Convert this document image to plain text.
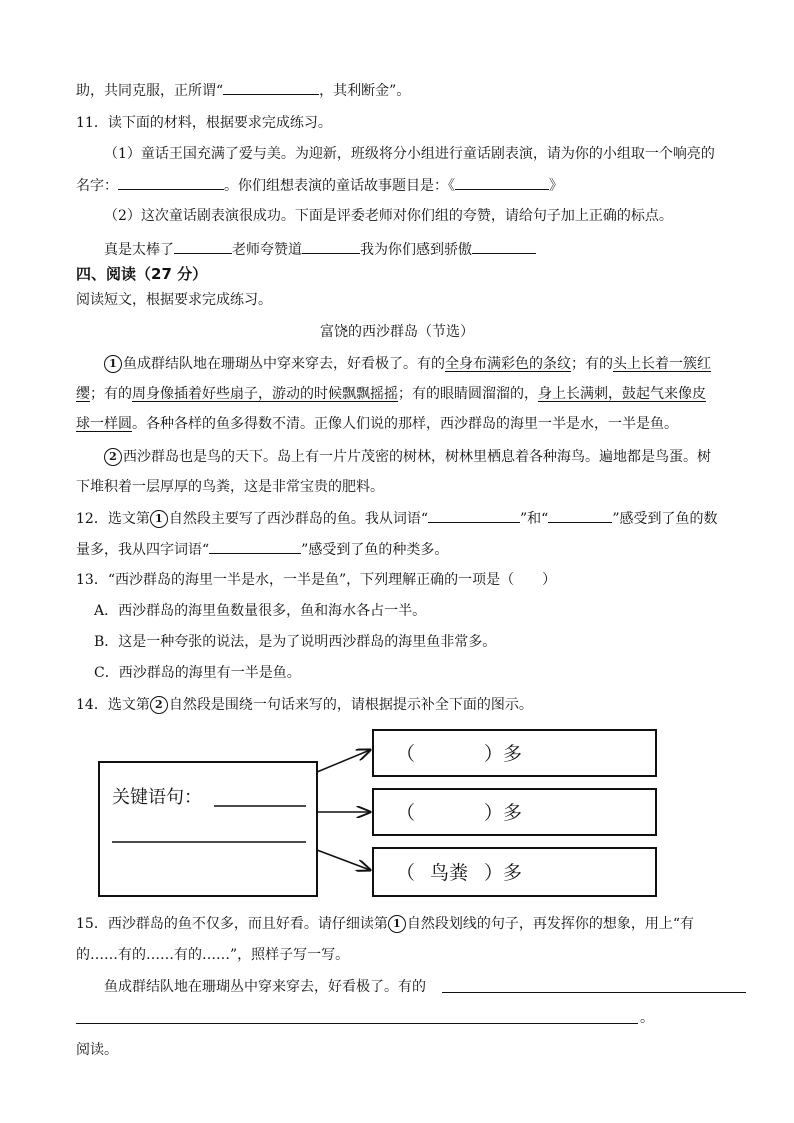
助，共同克服，正所谓“	，其利断金”。
11．读下面的材料，根据要求完成练习。
（1）童话王国充满了爱与美。为迎新，班级将分小组进行童话剧表演，请为你的小组取一个响亮的
名字：	。你们组想表演的童话故事题目是：《	》
（2）这次童话剧表演很成功。下面是评委老师对你们组的夸赞，请给句子加上正确的标点。
真是太棒了	老师夸赞道	我为你们感到骄傲
四、阅读（27 分）
阅读短文，根据要求完成练习。
富饶的西沙群岛（节选）
1 鱼成群结队地在珊瑚丛中穿来穿去，好看极了。有的全身布满彩色的条纹；有的头上长着一簇红
缨；有的周身像插着好些扇子，游动的时候飘飘摇摇；有的眼睛圆溜溜的，身上长满刺，鼓起气来像皮
球一样圆。各种各样的鱼多得数不清。正像人们说的那样，西沙群岛的海里一半是水，一半是鱼。
2 西沙群岛也是鸟的天下。岛上有一片片茂密的树林，树林里栖息着各种海鸟。遍地都是鸟蛋。树
下堆积着一层厚厚的鸟粪，这是非常宝贵的肥料。
12．选文第 1 自然段主要写了西沙群岛的鱼。我从词语“	”和“	”感受到了鱼的数
量多，我从四字词语“	”感受到了鱼的种类多。
13．“西沙群岛的海里一半是水，一半是鱼”，下列理解正确的一项是（　　）
A．西沙群岛的海里鱼数量很多，鱼和海水各占一半。
B．这是一种夸张的说法，是为了说明西沙群岛的海里鱼非常多。
C．西沙群岛的海里有一半是鱼。
14．选文第 2 自然段是围绕一句话来写的，请根据提示补全下面的图示。
关键语句：
（	）多
（	）多
（ 鸟粪 ）多
15．西沙群岛的鱼不仅多，而且好看。请仔细读第 1 自然段划线的句子，再发挥你的想象，用上“有
的……有的……有的……”，照样子写一写。
鱼成群结队地在珊瑚丛中穿来穿去，好看极了。有的
。
阅读。
